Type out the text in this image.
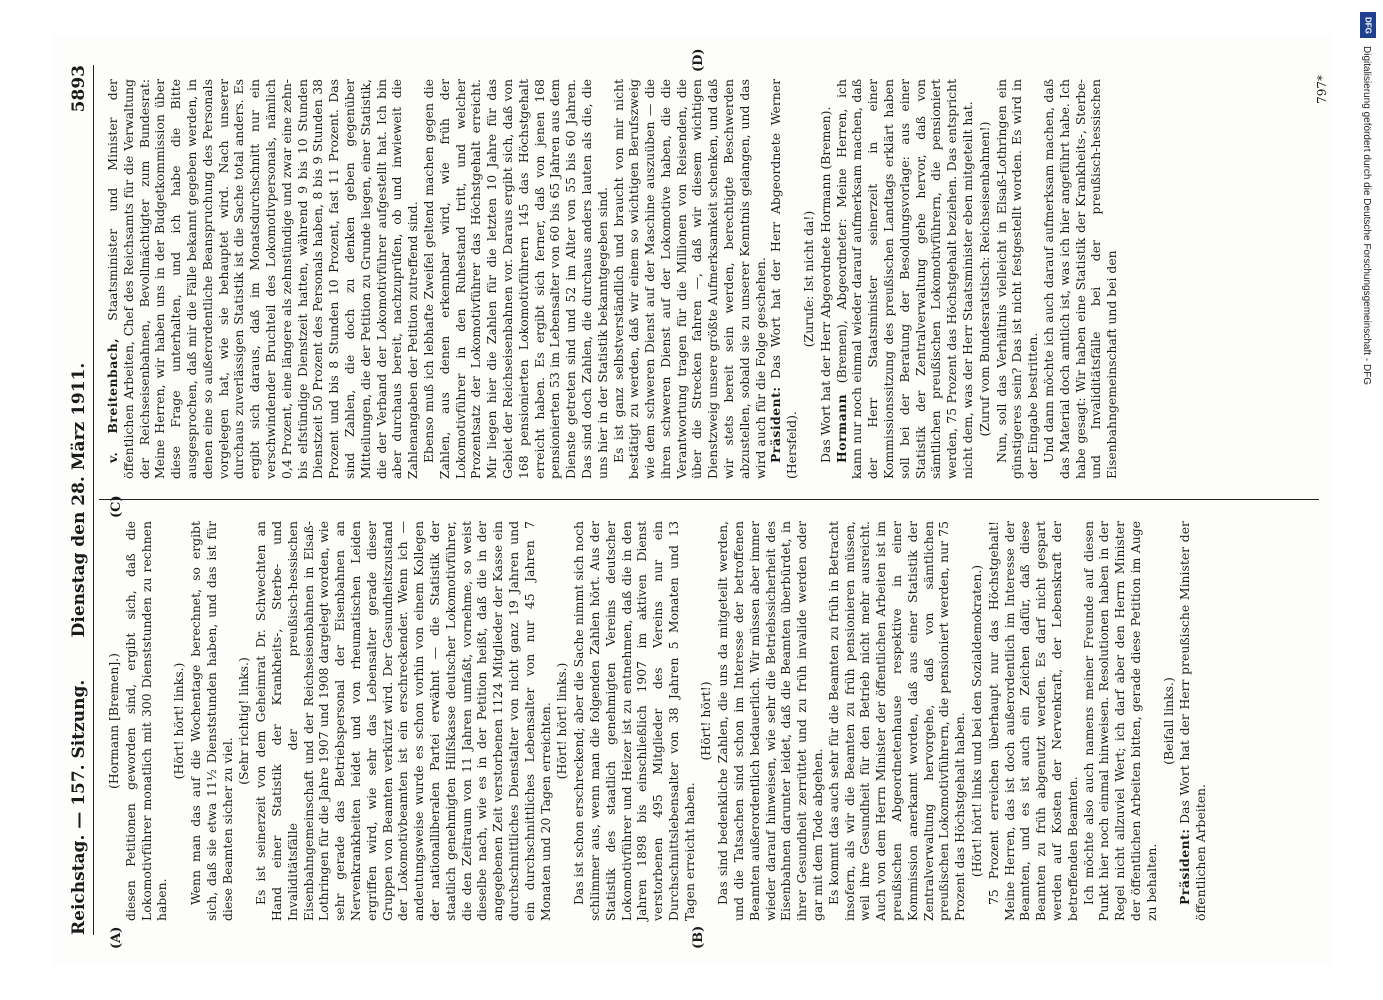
Reichstag. — 157. Sitzung.
Dienstag den 28. März 1911.
5893
(A)	(B)
(C)
(D)

(Hormann [Bremen].) diesen Petitionen geworden sind, ergibt sich, daß die Lokomotivführer monatlich mit 300 Dienststunden zu rechnen haben.

(Hört! hört! links.) Wenn man das auf die Wochentage berechnet, so ergibt sich, daß sie etwa 11½ Dienststunden haben, und das ist für diese Beamten sicher zu viel.

(Sehr richtig! links.) Es ist seinerzeit von dem Geheimrat Dr. Schwechten an Hand einer Statistik der Krankheits-, Sterbe- und Invaliditätsfälle der preußisch-hessischen Eisenbahngemeinschaft und der Reichseisenbahnen in Elsaß-Lothringen für die Jahre 1907 und 1908 dargelegt worden, wie sehr gerade das Betriebspersonal der Eisenbahnen an Nervenkrankheiten leidet und von rheumatischen Leiden ergriffen wird, wie sehr das Lebensalter gerade dieser Gruppen von Beamten verkürzt wird. Der Gesundheitszustand der Lokomotivbeamten ist ein erschreckender. Wenn ich — andeutungsweise wurde es schon vorhin von einem Kollegen der nationalliberalen Partei erwähnt — die Statistik der staatlich genehmigten Hilfskasse deutscher Lokomotivführer, die den Zeitraum von 11 Jahren umfaßt, vornehme, so weist dieselbe nach, wie es in der Petition heißt, daß die in der angegebenen Zeit verstorbenen 1124 Mitglieder der Kasse ein durchschnittliches Dienstalter von nicht ganz 19 Jahren und ein durchschnittliches Lebensalter von nur 45 Jahren 7 Monaten und 20 Tagen erreichten. (Hört! hört! links.) Das ist schon erschreckend; aber die Sache nimmt sich noch schlimmer aus, wenn man die folgenden Zahlen hört. Aus der Statistik des staatlich genehmigten Vereins deutscher Lokomotivführer und Heizer ist zu entnehmen, daß die in den Jahren 1898 bis einschließlich 1907 im aktiven Dienst verstorbenen 495 Mitglieder des Vereins nur ein Durchschnittslebensalter von 38 Jahren 5 Monaten und 13 Tagen erreicht haben.

(Hört! hört!) Das sind bedenkliche Zahlen, die uns da mitgeteilt werden, und die Tatsachen sind schon im Interesse der betroffenen Beamten außerordentlich bedauerlich. Wir müssen aber immer wieder darauf hinweisen, wie sehr die Betriebssicherheit des Eisenbahnen darunter leidet, daß die Beamten überbürdet, in ihrer Gesundheit zerrüttet und zu früh invalide werden oder gar mit dem Tode abgehen. Es kommt das auch sehr für die Beamten zu früh in Betracht insofern, als wir die Beamten zu früh pensionieren müssen, weil ihre Gesundheit für den Betrieb nicht mehr ausreicht. Auch von dem Herrn Minister der öffentlichen Arbeiten ist im preußischen Abgeordnetenhause respektive in einer Kommission anerkannt worden, daß aus einer Statistik der Zentralverwaltung hervorgehe, daß von sämtlichen preußischen Lokomotivführern, die pensioniert werden, nur 75 Prozent das Höchstgehalt haben. (Hört! hört! links und bei den Sozialdemokraten.) 75 Prozent erreichen überhaupt nur das Höchstgehalt! Meine Herren, das ist doch außerordentlich im Interesse der Beamten, und es ist auch ein Zeichen dafür, daß diese Beamten zu früh abgenutzt werden. Es darf nicht gespart werden auf Kosten der Nervenkraft, der Lebenskraft der betreffenden Beamten. Ich möchte also auch namens meiner Freunde auf diesen Punkt hier noch einmal hinweisen. Resolutionen haben in der Regel nicht allzuviel Wert; ich darf aber den Herrn Minister der öffentlichen Arbeiten bitten, gerade diese Petition im Auge zu behalten.

(Beifall links.)

Präsident: Das Wort hat der Herr preußische Minister der öffentlichen Arbeiten.

v. Breitenbach, Staatsminister und Minister der öffentlichen Arbeiten, Chef des Reichsamts für die Verwaltung der Reichseisenbahnen, Bevollmächtigter zum Bundesrat: Meine Herren, wir haben uns in der Budgetkommission über diese Frage unterhalten, und ich habe die Bitte ausgesprochen, daß mir die Fälle bekannt gegeben werden, in denen eine so außerordentliche Beanspruchung des Personals vorgelegen hat, wie sie behauptet wird. Nach unserer durchaus zuverlässigen Statistik ist die Sache total anders. Es ergibt sich daraus, daß im Monatsdurchschnitt nur ein verschwindender Bruchteil des Lokomotivpersonals, nämlich 0,4 Prozent, eine längere als zehnstündige und zwar eine zehn- bis elfstündige Dienstzeit hatten, während 9 bis 10 Stunden Dienstzeit 50 Prozent des Personals haben, 8 bis 9 Stunden 38 Prozent und bis 8 Stunden 10 Prozent, fast 11 Prozent. Das sind Zahlen, die doch zu denken geben gegenüber Mitteilungen, die der Petition zu Grunde liegen, einer Statistik, die der Verband der Lokomotivführer aufgestellt hat. Ich bin aber durchaus bereit, nachzuprüfen, ob und inwieweit die Zahlenangaben der Petition zutreffend sind. Ebenso muß ich lebhafte Zweifel geltend machen gegen die Zahlen, aus denen erkennbar wird, wie früh der Lokomotivführer in den Ruhestand tritt, und welcher Prozentsatz der Lokomotivführer das Höchstgehalt erreicht. Mir liegen hier die Zahlen für die letzten 10 Jahre für das Gebiet der Reichseisenbahnen vor. Daraus ergibt sich, daß von 168 pensionierten Lokomotivführern 145 das Höchstgehalt erreicht haben. Es ergibt sich ferner, daß von jenen 168 pensionierten 53 im Lebensalter von 60 bis 65 Jahren aus dem Dienste getreten sind und 52 im Alter von 55 bis 60 Jahren. Das sind doch Zahlen, die durchaus anders lauten als die, die uns hier in der Statistik bekanntgegeben sind. Es ist ganz selbstverständlich und braucht von mir nicht bestätigt zu werden, daß wir einem so wichtigen Berufszweig wie dem schweren Dienst auf der Maschine auszuüben — die ihren schweren Dienst auf der Lokomotive haben, die die Verantwortung tragen für die Millionen von Reisenden, die über die Strecken fahren —, daß wir diesem wichtigen Dienstzweig unsere größte Aufmerksamkeit schenken, und daß wir stets bereit sein werden, berechtigte Beschwerden abzustellen, sobald sie zu unserer Kenntnis gelangen, und das wird auch für die Folge geschehen. Präsident: Das Wort hat der Herr Abgeordnete Werner (Hersfeld).

(Zurufe: Ist nicht da!) Das Wort hat der Herr Abgeordnete Hormann (Bremen). Hormann (Bremen), Abgeordneter: Meine Herren, ich kann nur noch einmal wieder darauf aufmerksam machen, daß der Herr Staatsminister seinerzeit in einer Kommissionssitzung des preußischen Landtags erklärt haben soll bei der Beratung der Besoldungsvorlage: aus einer Statistik der Zentralverwaltung gehe hervor, daß von sämtlichen preußischen Lokomotivführern, die pensioniert werden, 75 Prozent das Höchstgehalt beziehen. Das entspricht nicht dem, was der Herr Staatsminister eben mitgeteilt hat. (Zuruf vom Bundesratstisch: Reichseisenbahnen!) Nun, soll das Verhältnis vielleicht in Elsaß-Lothringen ein günstigeres sein? Das ist nicht festgestellt worden. Es wird in der Eingabe bestritten. Und dann möchte ich auch darauf aufmerksam machen, daß das Material doch amtlich ist, was ich hier angeführt habe. Ich habe gesagt: Wir haben eine Statistik der Krankheits-, Sterbe- und Invaliditätsfälle bei der preußisch-hessischen Eisenbahngemeinschaft und bei den

797*
DFG
Digitalisierung gefördert durch die Deutsche Forschungsgemeinschaft - DFG
